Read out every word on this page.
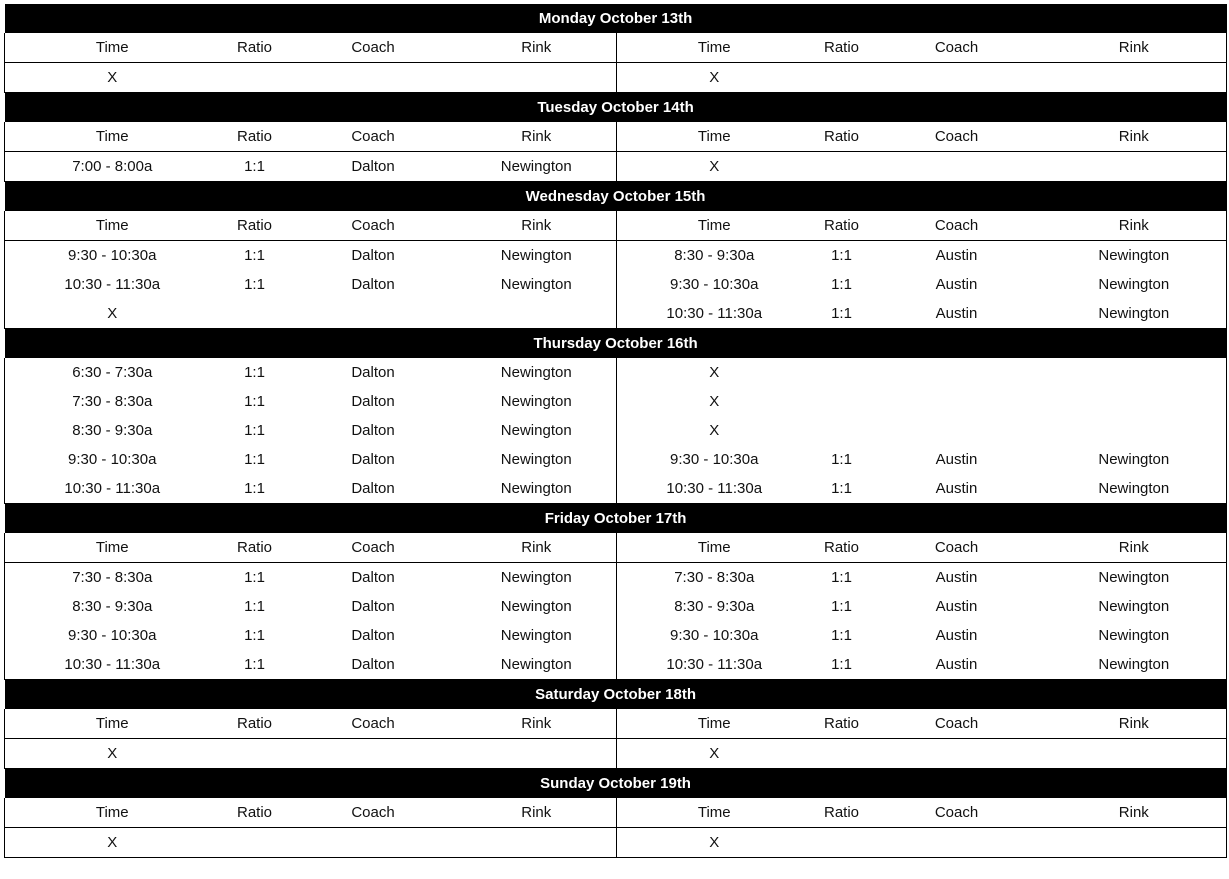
Monday October 13th							
Time	Ratio	Coach	Rink	Time	Ratio	Coach	Rink
X				X			
Tuesday October 14th							
Time	Ratio	Coach	Rink	Time	Ratio	Coach	Rink
7:00 - 8:00a	1:1	Dalton	Newington	X			
Wednesday October 15th							
Time	Ratio	Coach	Rink	Time	Ratio	Coach	Rink
9:30 - 10:30a	1:1	Dalton	Newington	8:30 - 9:30a	1:1	Austin	Newington
10:30 - 11:30a	1:1	Dalton	Newington	9:30 - 10:30a	1:1	Austin	Newington
X				10:30 - 11:30a	1:1	Austin	Newington
Thursday October 16th							
6:30 - 7:30a	1:1	Dalton	Newington	X			
7:30 - 8:30a	1:1	Dalton	Newington	X			
8:30 - 9:30a	1:1	Dalton	Newington	X			
9:30 - 10:30a	1:1	Dalton	Newington	9:30 - 10:30a	1:1	Austin	Newington
10:30 - 11:30a	1:1	Dalton	Newington	10:30 - 11:30a	1:1	Austin	Newington
Friday October 17th							
Time	Ratio	Coach	Rink	Time	Ratio	Coach	Rink
7:30 - 8:30a	1:1	Dalton	Newington	7:30 - 8:30a	1:1	Austin	Newington
8:30 - 9:30a	1:1	Dalton	Newington	8:30 - 9:30a	1:1	Austin	Newington
9:30 - 10:30a	1:1	Dalton	Newington	9:30 - 10:30a	1:1	Austin	Newington
10:30 - 11:30a	1:1	Dalton	Newington	10:30 - 11:30a	1:1	Austin	Newington
Saturday October 18th							
Time	Ratio	Coach	Rink	Time	Ratio	Coach	Rink
X				X			
Sunday October 19th							
Time	Ratio	Coach	Rink	Time	Ratio	Coach	Rink
X				X			
